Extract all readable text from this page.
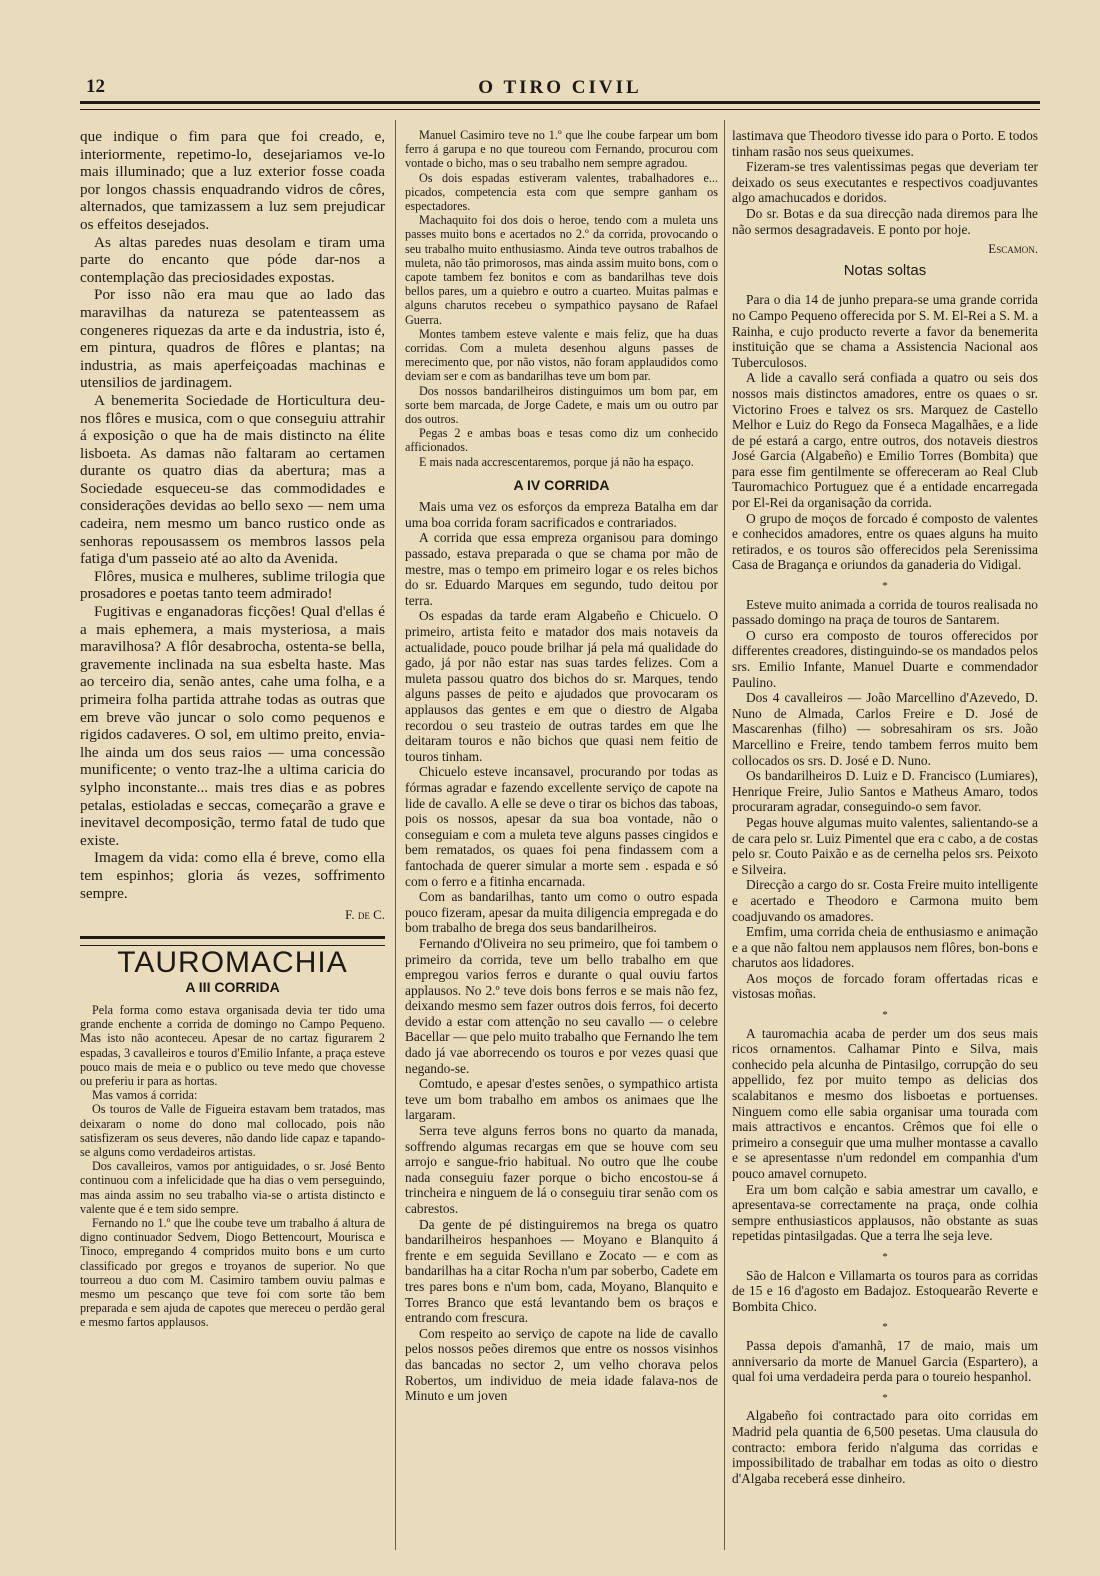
12	O TIRO CIVIL

que indique o fim para que foi creado, e, interiormente, repetimo-lo, desejariamos ve-lo mais illuminado; que a luz exterior fosse coada por longos chassis enquadrando vidros de côres, alternados, que tamizassem a luz sem prejudicar os effeitos desejados.

As altas paredes nuas desolam e tiram uma parte do encanto que póde dar-nos a contemplação das preciosidades expostas.

Por isso não era mau que ao lado das maravilhas da natureza se patenteassem as congeneres riquezas da arte e da industria, isto é, em pintura, quadros de flôres e plantas; na industria, as mais aperfeiçoadas machinas e utensilios de jardinagem.

A benemerita Sociedade de Horticultura deu-nos flôres e musica, com o que conseguiu attrahir á exposição o que ha de mais distincto na élite lisboeta. As damas não faltaram ao certamen durante os quatro dias da abertura; mas a Sociedade esqueceu-se das commodidades e considerações devidas ao bello sexo — nem uma cadeira, nem mesmo um banco rustico onde as senhoras repousassem os membros lassos pela fatiga d'um passeio até ao alto da Avenida.

Flôres, musica e mulheres, sublime trilogia que prosadores e poetas tanto teem admirado!

Fugitivas e enganadoras ficções! Qual d'ellas é a mais ephemera, a mais mysteriosa, a mais maravilhosa? A flôr desabrocha, ostenta-se bella, gravemente inclinada na sua esbelta haste. Mas ao terceiro dia, senão antes, cahe uma folha, e a primeira folha partida attrahe todas as outras que em breve vão juncar o solo como pequenos e rigidos cadaveres. O sol, em ultimo preito, envia-lhe ainda um dos seus raios — uma concessão munificente; o vento traz-lhe a ultima caricia do sylpho inconstante... mais tres dias e as pobres petalas, estioladas e seccas, começarão a grave e inevitavel decomposição, termo fatal de tudo que existe.

Imagem da vida: como ella é breve, como ella tem espinhos; gloria ás vezes, soffrimento sempre.

F. de C.
TAUROMACHIA
A III CORRIDA

Pela forma como estava organisada devia ter tido uma grande enchente a corrida de domingo no Campo Pequeno. Mas isto não aconteceu. Apesar de no cartaz figurarem 2 espadas, 3 cavalleiros e touros d'Emilio Infante, a praça esteve pouco mais de meia e o publico ou teve medo que chovesse ou preferiu ir para as hortas.

Mas vamos á corrida:

Os touros de Valle de Figueira estavam bem tratados, mas deixaram o nome do dono mal collocado, pois não satisfizeram os seus deveres, não dando lide capaz e tapando-se alguns como verdadeiros artistas.

Dos cavalleiros, vamos por antiguidades, o sr. José Bento continuou com a infelicidade que ha dias o vem perseguindo, mas ainda assim no seu trabalho via-se o artista distincto e valente que é e tem sido sempre.

Fernando no 1.º que lhe coube teve um trabalho á altura de digno continuador Sedvem, Diogo Bettencourt, Mourisca e Tinoco, empregando 4 compridos muito bons e um curto classificado por gregos e troyanos de superior. No que tourreou a duo com M. Casimiro tambem ouviu palmas e mesmo um pescanço que teve foi com sorte tão bem preparada e sem ajuda de capotes que mereceu o perdão geral e mesmo fartos applausos.

Manuel Casimiro teve no 1.º que lhe coube farpear um bom ferro á garupa e no que toureou com Fernando, procurou com vontade o bicho, mas o seu trabalho nem sempre agradou.

Os dois espadas estiveram valentes, trabalhadores e... picados, competencia esta com que sempre ganham os espectadores.

Machaquito foi dos dois o heroe, tendo com a muleta uns passes muito bons e acertados no 2.º da corrida, provocando o seu trabalho muito enthusiasmo. Ainda teve outros trabalhos de muleta, não tão primorosos, mas ainda assim muito bons, com o capote tambem fez bonitos e com as bandarilhas teve dois bellos pares, um a quiebro e outro a cuarteo. Muitas palmas e alguns charutos recebeu o sympathico paysano de Rafael Guerra.

Montes tambem esteve valente e mais feliz, que ha duas corridas. Com a muleta desenhou alguns passes de merecimento que, por não vistos, não foram applaudidos como deviam ser e com as bandarilhas teve um bom par.

Dos nossos bandarilheiros distinguimos um bom par, em sorte bem marcada, de Jorge Cadete, e mais um ou outro par dos outros.

Pegas 2 e ambas boas e tesas como diz um conhecido afficionados.

E mais nada accrescentaremos, porque já não ha espaço.

A IV CORRIDA

Mais uma vez os esforços da empreza Batalha em dar uma boa corrida foram sacrificados e contrariados.

A corrida que essa empreza organisou para domingo passado, estava preparada o que se chama por mão de mestre, mas o tempo em primeiro logar e os reles bichos do sr. Eduardo Marques em segundo, tudo deitou por terra.

Os espadas da tarde eram Algabeño e Chicuelo. O primeiro, artista feito e matador dos mais notaveis da actualidade, pouco poude brilhar já pela má qualidade do gado, já por não estar nas suas tardes felizes. Com a muleta passou quatro dos bichos do sr. Marques, tendo alguns passes de peito e ajudados que provocaram os applausos das gentes e em que o diestro de Algaba recordou o seu trasteio de outras tardes em que lhe deitaram touros e não bichos que quasi nem feitio de touros tinham.

Chicuelo esteve incansavel, procurando por todas as fórmas agradar e fazendo excellente serviço de capote na lide de cavallo. A elle se deve o tirar os bichos das taboas, pois os nossos, apesar da sua boa vontade, não o conseguiam e com a muleta teve alguns passes cingidos e bem rematados, os quaes foi pena findassem com a fantochada de querer simular a morte sem . espada e só com o ferro e a fitinha encarnada.

Com as bandarilhas, tanto um como o outro espada pouco fizeram, apesar da muita diligencia empregada e do bom trabalho de brega dos seus bandarilheiros.

Fernando d'Oliveira no seu primeiro, que foi tambem o primeiro da corrida, teve um bello trabalho em que empregou varios ferros e durante o qual ouviu fartos applausos. No 2.º teve dois bons ferros e se mais não fez, deixando mesmo sem fazer outros dois ferros, foi decerto devido a estar com attenção no seu cavallo — o celebre Bacellar — que pelo muito trabalho que Fernando lhe tem dado já vae aborrecendo os touros e por vezes quasi que negando-se.

Comtudo, e apesar d'estes senões, o sympathico artista teve um bom trabalho em ambos os animaes que lhe largaram.

Serra teve alguns ferros bons no quarto da manada, soffrendo algumas recargas em que se houve com seu arrojo e sangue-frio habitual. No outro que lhe coube nada conseguiu fazer porque o bicho encostou-se á trincheira e ninguem de lá o conseguiu tirar senão com os cabrestos.

Da gente de pé distinguiremos na brega os quatro bandarilheiros hespanhoes — Moyano e Blanquito á frente e em seguida Sevillano e Zocato — e com as bandarilhas ha a citar Rocha n'um par soberbo, Cadete em tres pares bons e n'um bom, cada, Moyano, Blanquito e Torres Branco que está levantando bem os braços e entrando com frescura.

Com respeito ao serviço de capote na lide de cavallo pelos nossos peões diremos que entre os nossos visinhos das bancadas no sector 2, um velho chorava pelos Robertos, um individuo de meia idade falava-nos de Minuto e um joven

lastimava que Theodoro tivesse ido para o Porto. E todos tinham rasão nos seus queixumes.

Fizeram-se tres valentissimas pegas que deveriam ter deixado os seus executantes e respectivos coadjuvantes algo amachucados e doridos.

Do sr. Botas e da sua direcção nada diremos para lhe não sermos desagradaveis. E ponto por hoje.

Escamon.
Notas soltas

Para o dia 14 de junho prepara-se uma grande corrida no Campo Pequeno offerecida por S. M. El-Rei a S. M. a Rainha, e cujo producto reverte a favor da benemerita instituição que se chama a Assistencia Nacional aos Tuberculosos.

A lide a cavallo será confiada a quatro ou seis dos nossos mais distinctos amadores, entre os quaes o sr. Victorino Froes e talvez os srs. Marquez de Castello Melhor e Luiz do Rego da Fonseca Magalhães, e a lide de pé estará a cargo, entre outros, dos notaveis diestros José Garcia (Algabeño) e Emilio Torres (Bombita) que para esse fim gentilmente se offereceram ao Real Club Tauromachico Portuguez que é a entidade encarregada por El-Rei da organisação da corrida.

O grupo de moços de forcado é composto de valentes e conhecidos amadores, entre os quaes alguns ha muito retirados, e os touros são offerecidos pela Serenissima Casa de Bragança e oriundos da ganaderia do Vidigal.

*

Esteve muito animada a corrida de touros realisada no passado domingo na praça de touros de Santarem.

O curso era composto de touros offerecidos por differentes creadores, distinguindo-se os mandados pelos srs. Emilio Infante, Manuel Duarte e commendador Paulino.

Dos 4 cavalleiros — João Marcellino d'Azevedo, D. Nuno de Almada, Carlos Freire e D. José de Mascarenhas (filho) — sobresahiram os srs. João Marcellino e Freire, tendo tambem ferros muito bem collocados os srs. D. José e D. Nuno.

Os bandarilheiros D. Luiz e D. Francisco (Lumiares), Henrique Freire, Julio Santos e Matheus Amaro, todos procuraram agradar, conseguindo-o sem favor.

Pegas houve algumas muito valentes, salientando-se a de cara pelo sr. Luiz Pimentel que era c cabo, a de costas pelo sr. Couto Paixão e as de cernelha pelos srs. Peixoto e Silveira.

Direcção a cargo do sr. Costa Freire muito intelligente e acertado e Theodoro e Carmona muito bem coadjuvando os amadores.

Emfim, uma corrida cheia de enthusiasmo e animação e a que não faltou nem applausos nem flôres, bon-bons e charutos aos lidadores.

Aos moços de forcado foram offertadas ricas e vistosas moñas.

*

A tauromachia acaba de perder um dos seus mais ricos ornamentos. Calhamar Pinto e Silva, mais conhecido pela alcunha de Pintasilgo, corrupção do seu appellido, fez por muito tempo as delicias dos scalabitanos e mesmo dos lisboetas e portuenses. Ninguem como elle sabia organisar uma tourada com mais attractivos e encantos. Crêmos que foi elle o primeiro a conseguir que uma mulher montasse a cavallo e se apresentasse n'um redondel em companhia d'um pouco amavel cornupeto.

Era um bom calção e sabia amestrar um cavallo, e apresentava-se correctamente na praça, onde colhia sempre enthusiasticos applausos, não obstante as suas repetidas pintasilgadas. Que a terra lhe seja leve.

*

São de Halcon e Villamarta os touros para as corridas de 15 e 16 d'agosto em Badajoz. Estoquearão Reverte e Bombita Chico.

*

Passa depois d'amanhã, 17 de maio, mais um anniversario da morte de Manuel Garcia (Espartero), a qual foi uma verdadeira perda para o toureio hespanhol.

*

Algabeño foi contractado para oito corridas em Madrid pela quantia de 6,500 pesetas. Uma clausula do contracto: embora ferido n'alguma das corridas e impossibilitado de trabalhar em todas as oito o diestro d'Algaba receberá esse dinheiro.
